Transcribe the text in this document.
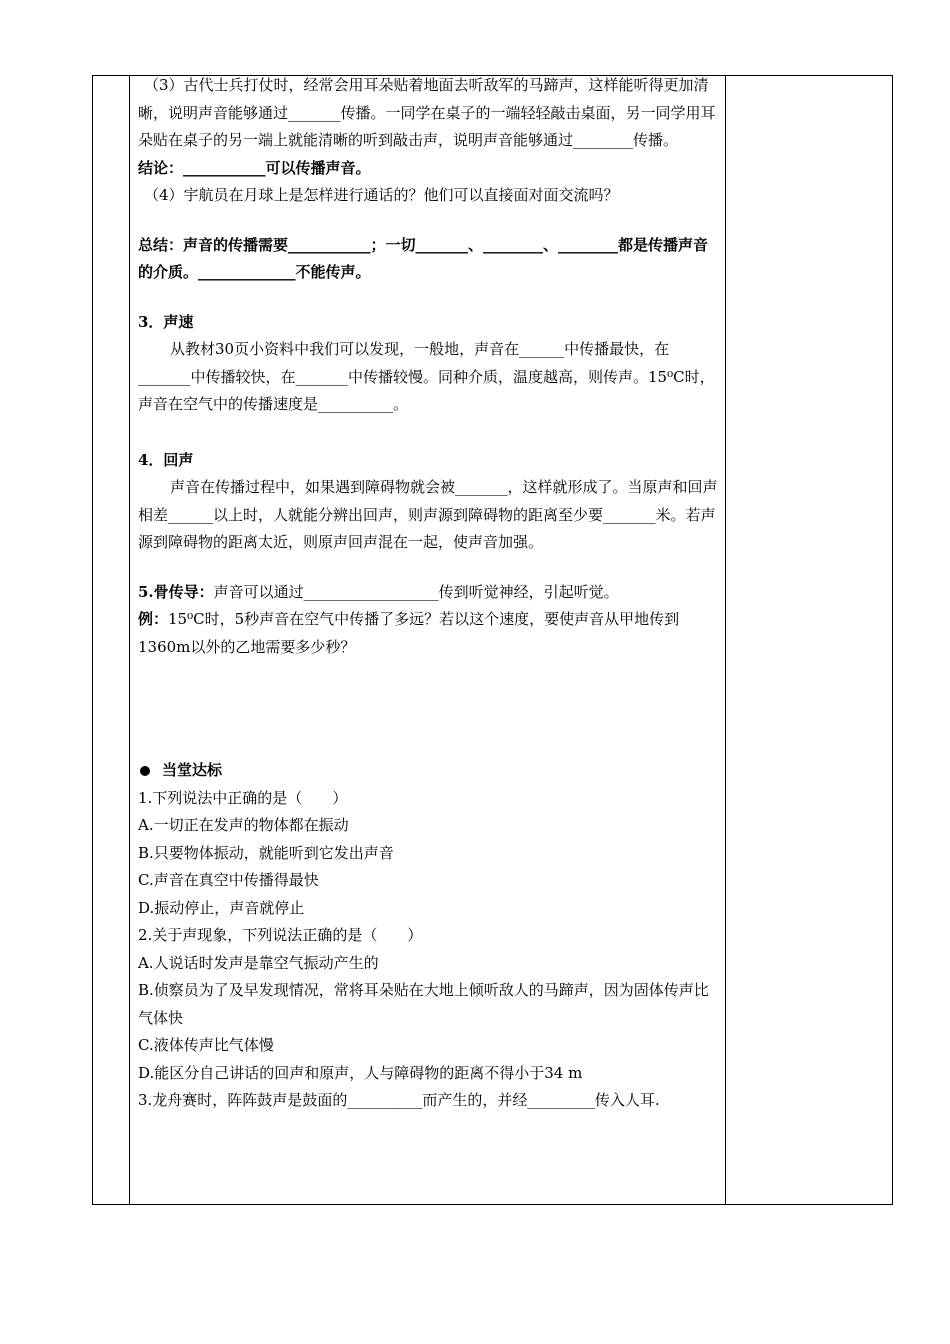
（3）古代士兵打仗时，经常会用耳朵贴着地面去听敌军的马蹄声，这样能听得更加清晰，说明声音能够通过_______传播。一同学在桌子的一端轻轻敲击桌面，另一同学用耳朵贴在桌子的另一端上就能清晰的听到敲击声，说明声音能够通过________传播。

结论：___________可以传播声音。

（4）宇航员在月球上是怎样进行通话的？他们可以直接面对面交流吗？

总结：声音的传播需要___________；一切_______、________、________都是传播声音的介质。_____________不能传声。

3．声速

从教材30页小资料中我们可以发现，一般地，声音在______中传播最快，在_______中传播较快，在_______中传播较慢。同种介质，温度越高，则传声。15⁰C时，声音在空气中的传播速度是__________。

4．回声

声音在传播过程中，如果遇到障碍物就会被_______，这样就形成了。当原声和回声相差______以上时，人就能分辨出回声，则声源到障碍物的距离至少要_______米。若声源到障碍物的距离太近，则原声回声混在一起，使声音加强。

5.骨传导：声音可以通过__________________传到听觉神经，引起听觉。

例：15⁰C时，5秒声音在空气中传播了多远？若以这个速度，要使声音从甲地传到1360m以外的乙地需要多少秒？

当堂达标

1.下列说法中正确的是（　　）

A.一切正在发声的物体都在振动

B.只要物体振动，就能听到它发出声音

C.声音在真空中传播得最快

D.振动停止，声音就停止

2.关于声现象，下列说法正确的是（　　）

A.人说话时发声是靠空气振动产生的

B.侦察员为了及早发现情况，常将耳朵贴在大地上倾听敌人的马蹄声，因为固体传声比气体快

C.液体传声比气体慢

D.能区分自己讲话的回声和原声，人与障碍物的距离不得小于34 m

3.龙舟赛时，阵阵鼓声是鼓面的__________而产生的，并经_________传入人耳.
